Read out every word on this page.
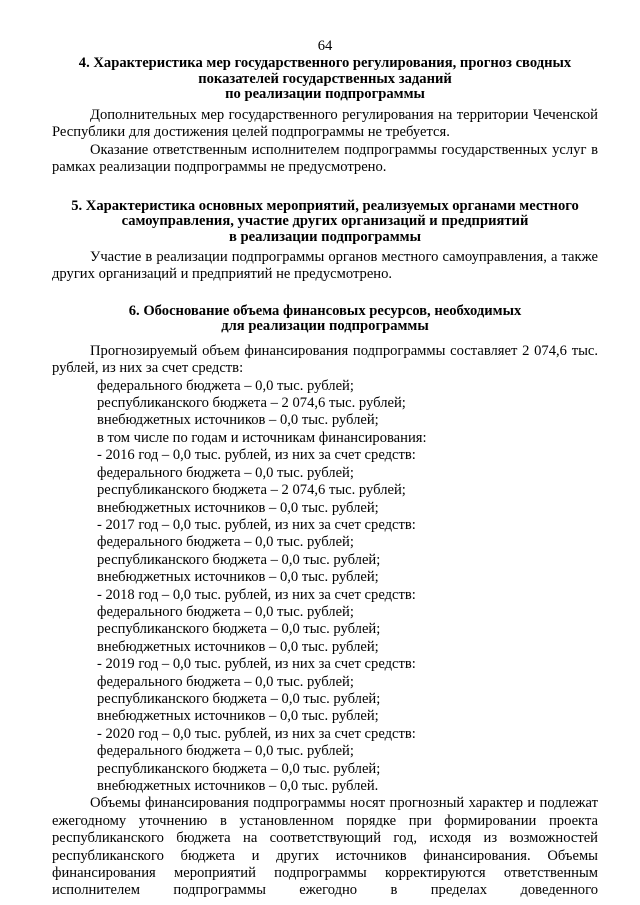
64
4. Характеристика мер государственного регулирования, прогноз сводных
показателей государственных заданий
по реализации подпрограммы
Дополнительных мер государственного регулирования на территории Чеченской Республики для достижения целей подпрограммы не требуется.
Оказание ответственным исполнителем подпрограммы государственных услуг в рамках реализации подпрограммы не предусмотрено.
5. Характеристика основных мероприятий, реализуемых органами местного
самоуправления, участие других организаций и предприятий
в реализации подпрограммы
Участие в реализации подпрограммы органов местного самоуправления, а также других организаций и предприятий не предусмотрено.
6. Обоснование объема финансовых ресурсов, необходимых
для реализации подпрограммы
Прогнозируемый объем финансирования подпрограммы составляет 2 074,6 тыс. рублей, из них за счет средств:
федерального бюджета – 0,0 тыс. рублей;
республиканского бюджета – 2 074,6 тыс. рублей;
внебюджетных источников – 0,0 тыс. рублей;
в том числе по годам и источникам финансирования:
- 2016 год – 0,0 тыс. рублей, из них за счет средств:
федерального бюджета – 0,0 тыс. рублей;
республиканского бюджета – 2 074,6 тыс. рублей;
внебюджетных источников – 0,0 тыс. рублей;
- 2017 год – 0,0 тыс. рублей, из них за счет средств:
федерального бюджета – 0,0 тыс. рублей;
республиканского бюджета – 0,0 тыс. рублей;
внебюджетных источников – 0,0 тыс. рублей;
- 2018 год – 0,0 тыс. рублей, из них за счет средств:
федерального бюджета – 0,0 тыс. рублей;
республиканского бюджета – 0,0 тыс. рублей;
внебюджетных источников – 0,0 тыс. рублей;
- 2019 год – 0,0 тыс. рублей, из них за счет средств:
федерального бюджета – 0,0 тыс. рублей;
республиканского бюджета – 0,0 тыс. рублей;
внебюджетных источников – 0,0 тыс. рублей;
- 2020 год – 0,0 тыс. рублей, из них за счет средств:
федерального бюджета – 0,0 тыс. рублей;
республиканского бюджета – 0,0 тыс. рублей;
внебюджетных источников – 0,0 тыс. рублей.
Объемы финансирования подпрограммы носят прогнозный характер и подлежат ежегодному уточнению в установленном порядке при формировании проекта республиканского бюджета на соответствующий год, исходя из возможностей республиканского бюджета и других источников финансирования. Объемы финансирования мероприятий подпрограммы корректируются ответственным исполнителем подпрограммы ежегодно в пределах доведенного
